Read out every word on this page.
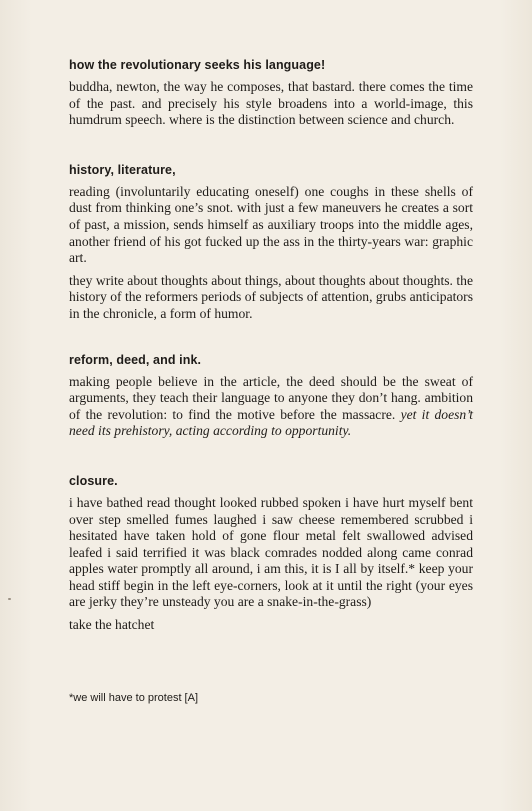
how the revolutionary seeks his language!

buddha, newton, the way he composes, that bastard. there comes the time of the past. and precisely his style broadens into a world-image, this humdrum speech. where is the distinction between science and church.

history, literature,

reading (involuntarily educating oneself) one coughs in these shells of dust from thinking one’s snot. with just a few maneuvers he creates a sort of past, a mission, sends himself as auxiliary troops into the middle ages, another friend of his got fucked up the ass in the thirty-years war: graphic art.

they write about thoughts about things, about thoughts about thoughts. the history of the reformers periods of subjects of attention, grubs anticipators in the chronicle, a form of humor.

reform, deed, and ink.

making people believe in the article, the deed should be the sweat of arguments, they teach their language to anyone they don’t hang. ambition of the revolution: to find the motive before the massacre. yet it doesn’t need its prehistory, acting according to opportunity.

closure.

i have bathed read thought looked rubbed spoken i have hurt myself bent over step smelled fumes laughed i saw cheese remembered scrubbed i hesitated have taken hold of gone flour metal felt swallowed advised leafed i said terrified it was black comrades nodded along came conrad apples water promptly all around, i am this, it is I all by itself.* keep your head stiff begin in the left eye-corners, look at it until the right (your eyes are jerky they’re unsteady you are a snake-in-the-grass)

take the hatchet

*we will have to protest [A]
